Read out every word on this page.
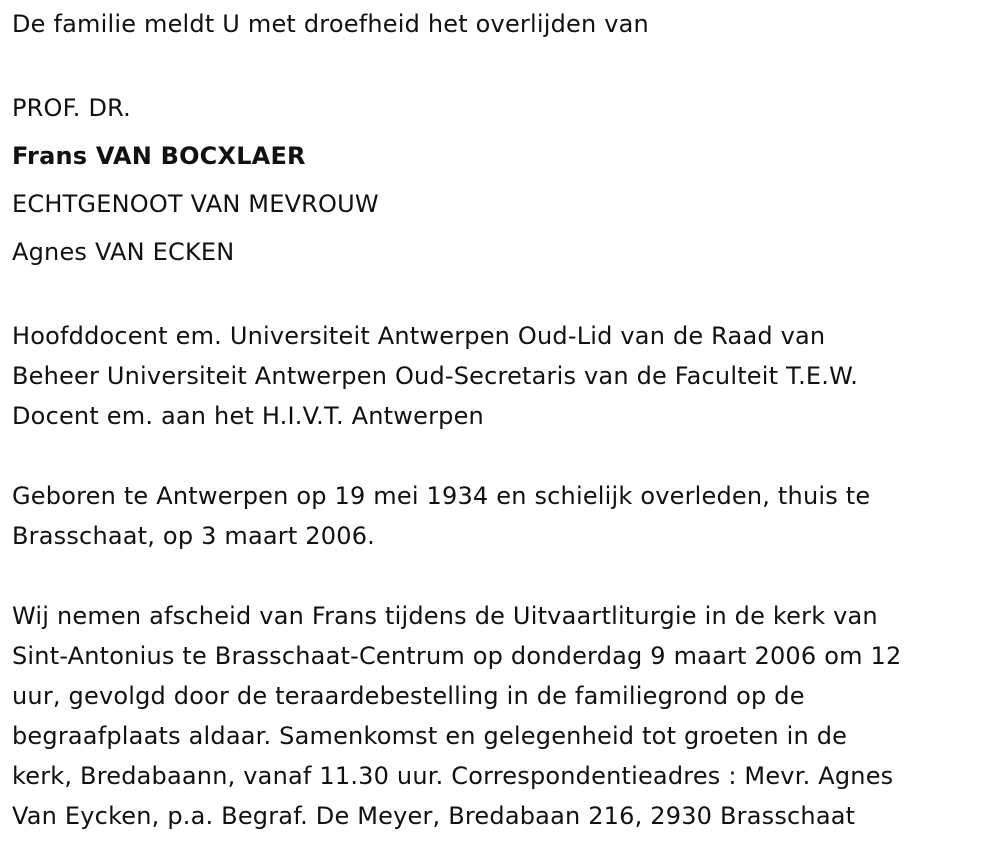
De familie meldt U met droefheid het overlijden van
PROF. DR.
Frans VAN BOCXLAER
ECHTGENOOT VAN MEVROUW
Agnes VAN ECKEN
Hoofddocent em. Universiteit Antwerpen Oud-Lid van de Raad van
Beheer Universiteit Antwerpen Oud-Secretaris van de Faculteit T.E.W.
Docent em. aan het H.I.V.T. Antwerpen
Geboren te Antwerpen op 19 mei 1934 en schielijk overleden, thuis te
Brasschaat, op 3 maart 2006.
Wij nemen afscheid van Frans tijdens de Uitvaartliturgie in de kerk van
Sint-Antonius te Brasschaat-Centrum op donderdag 9 maart 2006 om 12
uur, gevolgd door de teraardebestelling in de familiegrond op de
begraafplaats aldaar. Samenkomst en gelegenheid tot groeten in de
kerk, Bredabaann, vanaf 11.30 uur. Correspondentieadres : Mevr. Agnes
Van Eycken, p.a. Begraf. De Meyer, Bredabaan 216, 2930 Brasschaat
